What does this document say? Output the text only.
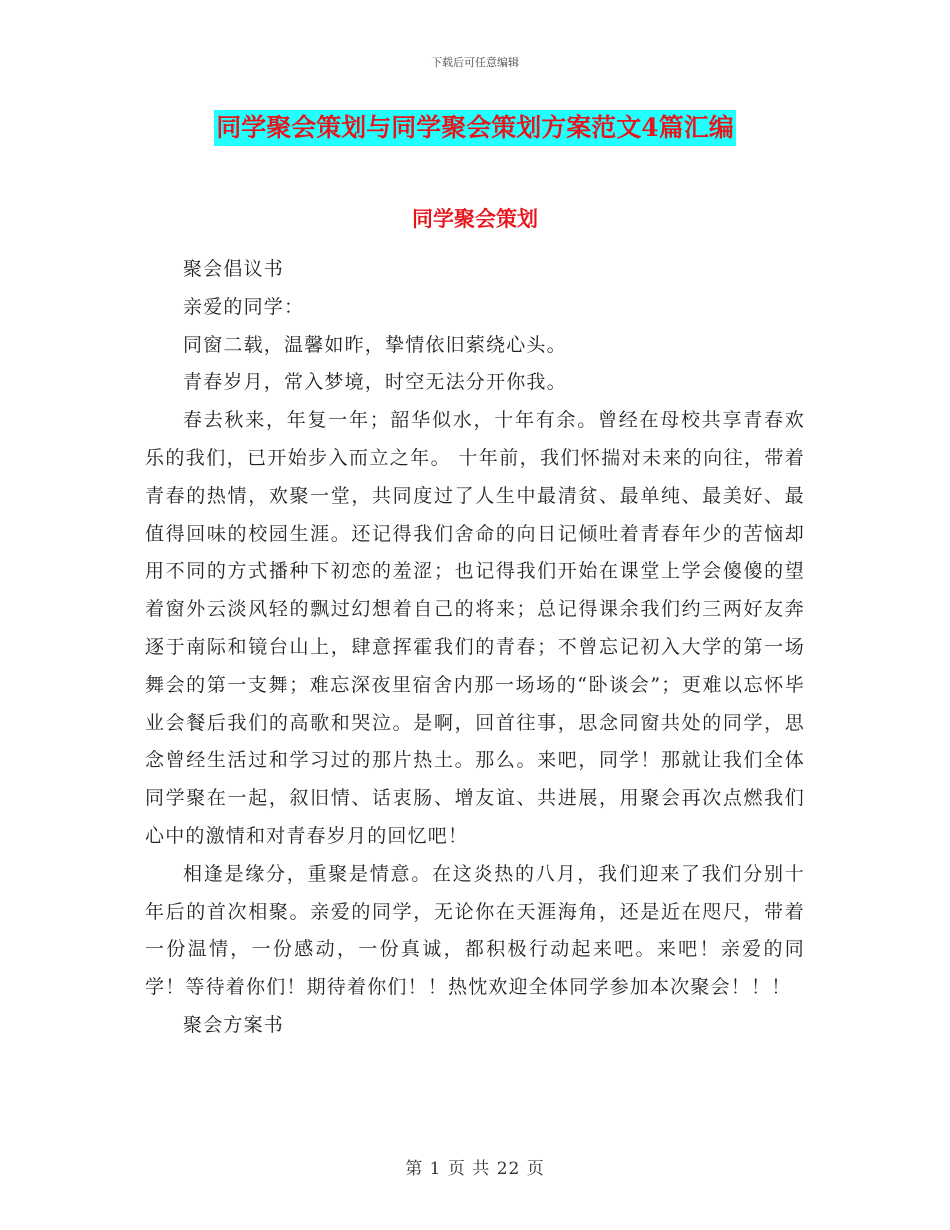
下载后可任意编辑
同学聚会策划与同学聚会策划方案范文4篇汇编
同学聚会策划

聚会倡议书

亲爱的同学：

同窗二载，温馨如昨，挚情依旧萦绕心头。

青春岁月，常入梦境，时空无法分开你我。

春去秋来，年复一年；韶华似水，十年有余。曾经在母校共享青春欢乐的我们，已开始步入而立之年。 十年前，我们怀揣对未来的向往，带着青春的热情，欢聚一堂，共同度过了人生中最清贫、最单纯、最美好、最值得回味的校园生涯。还记得我们舍命的向日记倾吐着青春年少的苦恼却用不同的方式播种下初恋的羞涩；也记得我们开始在课堂上学会傻傻的望着窗外云淡风轻的飘过幻想着自己的将来；总记得课余我们约三两好友奔逐于南际和镜台山上，肆意挥霍我们的青春；不曾忘记初入大学的第一场舞会的第一支舞；难忘深夜里宿舍内那一场场的“卧谈会”；更难以忘怀毕业会餐后我们的高歌和哭泣。是啊，回首往事，思念同窗共处的同学，思念曾经生活过和学习过的那片热土。那么。来吧，同学！那就让我们全体同学聚在一起，叙旧情、话衷肠、增友谊、共进展，用聚会再次点燃我们心中的激情和对青春岁月的回忆吧！

相逢是缘分，重聚是情意。在这炎热的八月，我们迎来了我们分别十年后的首次相聚。亲爱的同学，无论你在天涯海角，还是近在咫尺，带着一份温情，一份感动，一份真诚，都积极行动起来吧。来吧！亲爱的同学！等待着你们！期待着你们！！热忱欢迎全体同学参加本次聚会！！！

聚会方案书

第 1 页 共 22 页
